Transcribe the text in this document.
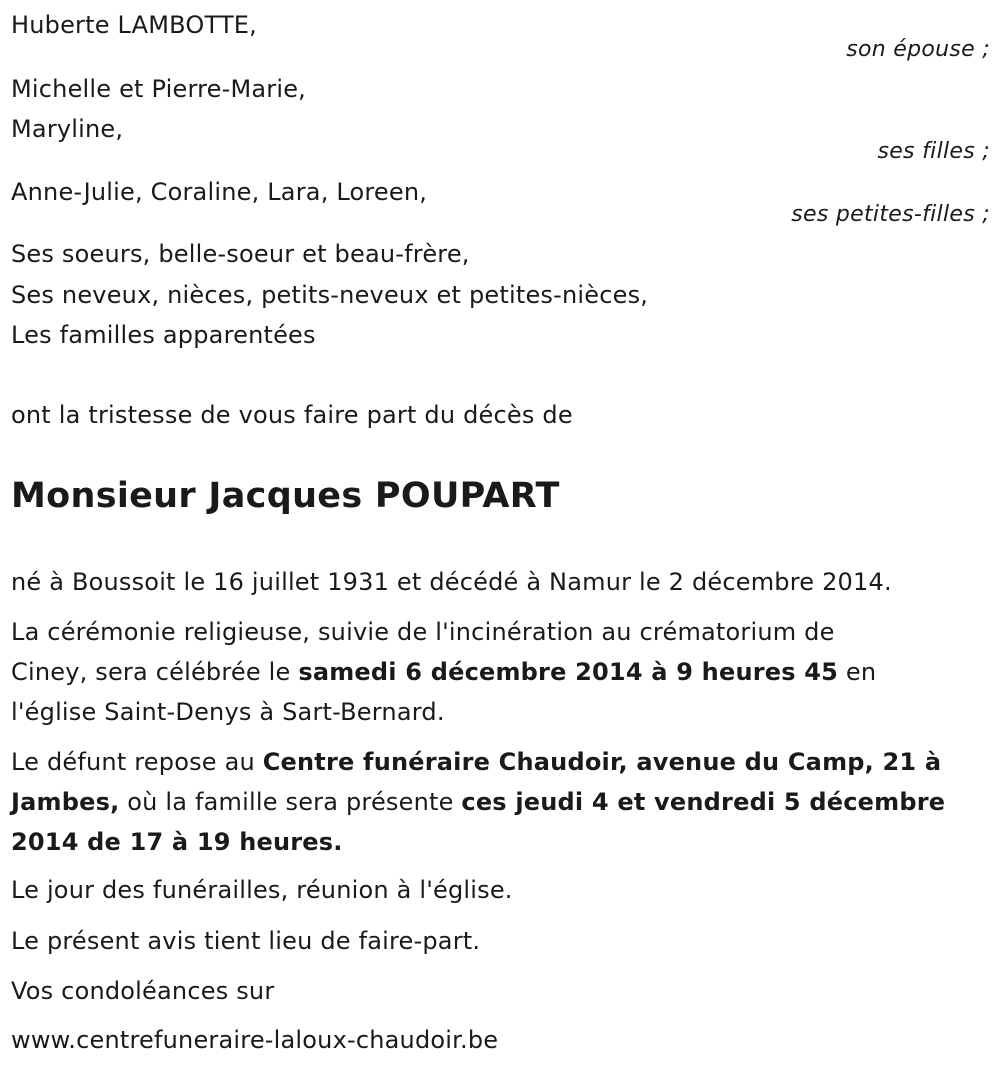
Huberte LAMBOTTE,
son épouse ;
Michelle et Pierre-Marie,
Maryline,
ses filles ;
Anne-Julie, Coraline, Lara, Loreen,
ses petites-filles ;
Ses soeurs, belle-soeur et beau-frère,
Ses neveux, nièces, petits-neveux et petites-nièces,
Les familles apparentées
ont la tristesse de vous faire part du décès de
Monsieur Jacques POUPART
né à Boussoit le 16 juillet 1931 et décédé à Namur le 2 décembre 2014.
La cérémonie religieuse, suivie de l'incinération au crématorium de
Ciney, sera célébrée le samedi 6 décembre 2014 à 9 heures 45 en
l'église Saint-Denys à Sart-Bernard.
Le défunt repose au Centre funéraire Chaudoir, avenue du Camp, 21 à
Jambes, où la famille sera présente ces jeudi 4 et vendredi 5 décembre
2014 de 17 à 19 heures.
Le jour des funérailles, réunion à l'église.
Le présent avis tient lieu de faire-part.
Vos condoléances sur
www.centrefuneraire-laloux-chaudoir.be
